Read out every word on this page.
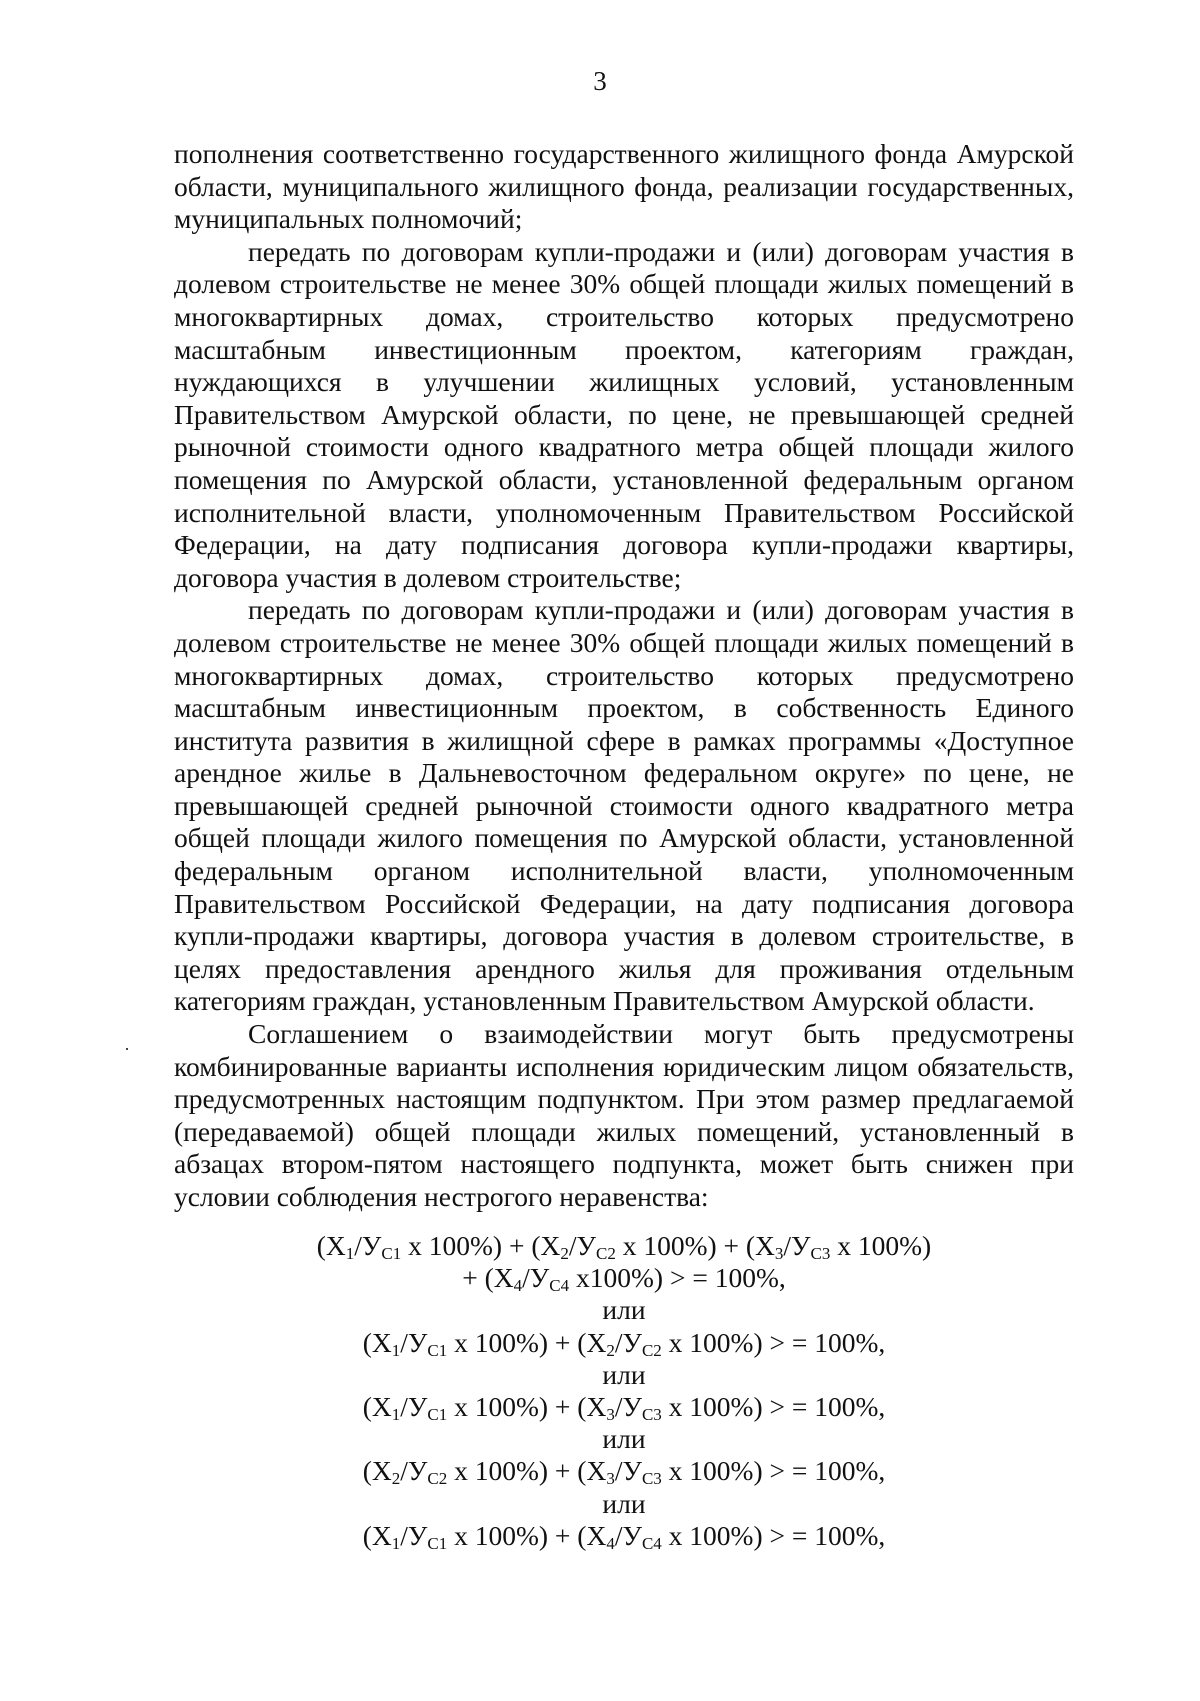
3

пополнения соответственно государственного жилищного фонда Амурской области, муниципального жилищного фонда, реализации государственных, муниципальных полномочий;

передать по договорам купли-продажи и (или) договорам участия в долевом строительстве не менее 30% общей площади жилых помещений в многоквартирных домах, строительство которых предусмотрено масштабным инвестиционным проектом, категориям граждан, нуждающихся в улучшении жилищных условий, установленным Правительством Амурской области, по цене, не превышающей средней рыночной стоимости одного квадратного метра общей площади жилого помещения по Амурской области, установленной федеральным органом исполнительной власти, уполномоченным Правительством Российской Федерации, на дату подписания договора купли-продажи квартиры, договора участия в долевом строительстве;

передать по договорам купли-продажи и (или) договорам участия в долевом строительстве не менее 30% общей площади жилых помещений в многоквартирных домах, строительство которых предусмотрено масштабным инвестиционным проектом, в собственность Единого института развития в жилищной сфере в рамках программы «Доступное арендное жилье в Дальневосточном федеральном округе» по цене, не превышающей средней рыночной стоимости одного квадратного метра общей площади жилого помещения по Амурской области, установленной федеральным органом исполнительной власти, уполномоченным Правительством Российской Федерации, на дату подписания договора купли-продажи квартиры, договора участия в долевом строительстве, в целях предоставления арендного жилья для проживания отдельным категориям граждан, установленным Правительством Амурской области.

Соглашением о взаимодействии могут быть предусмотрены комбинированные варианты исполнения юридическим лицом обязательств, предусмотренных настоящим подпунктом. При этом размер предлагаемой (передаваемой) общей площади жилых помещений, установленный в абзацах втором-пятом настоящего подпункта, может быть снижен при условии соблюдения нестрогого неравенства:

($X_1/У_{C1}$ х $100\%) + (X_2/У_{C2}$ х $100\%) + (X_3/У_{C3}$ х 100%)

+ ($X_4/У_{C4}$ х100%) > = 100%,

или

($X_1/У_{C1}$ х $100\%) + (X_2/У_{C2}$ х 100%) > = 100%,

или

($X_1/У_{C1}$ х $100\%) + (X_3/У_{C3}$ х 100%) > = 100%,

или

($X_2/У_{C2}$ х $100\%) + (X_3/У_{C3}$ х 100%) > = 100%,

или

($X_1/У_{C1}$ х $100\%) + (X_4/У_{C4}$ х 100%) > = 100%,
